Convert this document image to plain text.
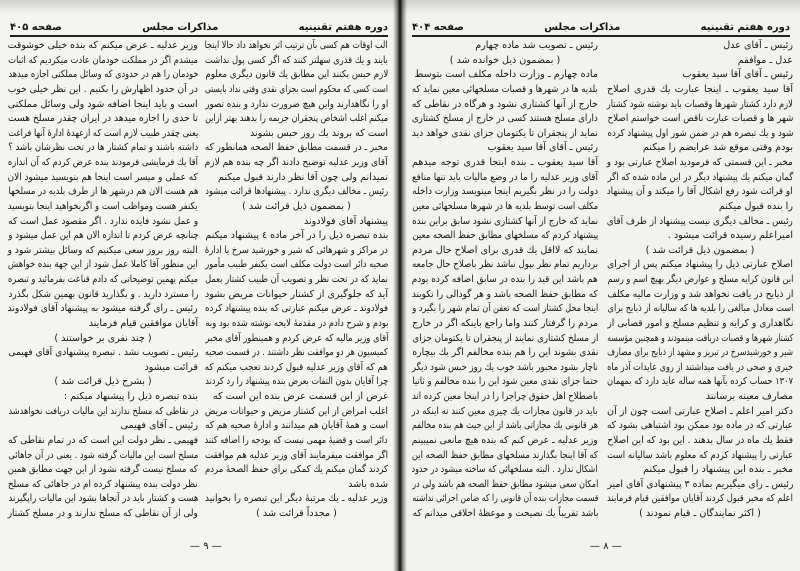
دوره هفتم تقنینیه
مذاکرات مجلس
صفحه ۴۰۵	دوره هفتم تقنینیه
مذاکرات مجلس
صفحه ۴۰۴
الب اوقات هم کسی بآن ترتیب اثر نخواهد داد حالا اینجا
بایند و یك قدری سهلتر کنند که اگر کسی پول نداشت
لازم حبس بکنند این مطابق یك قانون دیگری معلوم
است کسی که محکوم است بجزای نقدی وقتی نداد بایستی
او را نگاهدارند واین هیچ ضرورت ندارد و بنده تصور
میکنم اغلب اشخاص پنجقران جریمه را بدهند بهتر ازاین
است که بروند یك روز حبس بشوند
مخبر ـ در قسمت مطابق حفظ الصحه همانطور که
آقای وزیر عدلیه توضیح دادند اگر چه بنده هم لازم
نمیدانم ولی چون آقا نظر دارند قبول میکنم
رئیس ـ مخالف دیگری ندارد . پیشنهادها قرائت میشود
( بمضمون ذیل قرائت شد )
پیشنهاد آقای فولادوند
بنده تبصره ذیل را در آخر ماده ٤ پیشنهاد میکنم
در مراکز و شهرهائی که شیر و خورشید سرخ یا ادارهٔ
صحیه دائر است دولت مکلف است یکنفر طبیب مأمور
نماید که در تحت نظر و تصویب آن طبیب کشتار بعمل
آید که جلوگیری از کشتار حیوانات مریض بشود
فولادوند ـ عرض میکنم عبارتی که بنده پیشنهاد کرده
بودم و شرح دادم در مقدمهٔ لایحه نوشته شده بود وبه
آقای وزیر مالیه که عرض کردم و همینطور آقای مخبر
کمیسیون هر دو موافقت نظر داشتند . در قسمت صحیه
هم که آقای وزیر عدلیه قبول کردند تعجب میکنم که
چرا آقایان بدون التفات بعرض بنده پیشنهاد را رد کردند
غرض از این قسمت عرض بنده این است که
اغلب امراض از این کشتار مریض و حیوانات مریض
است و همهٔ آقایان هم میدانند و ادارهٔ صحیه هم که
دائر است و قضیهٔ مهمی نیست که بودجه را اضافه کنند
اگر موافقت میفرمایند آقای وزیر عدلیه هم موافقت
کردند گمان میکنم یك کمکی برای حفظ الصحهٔ مردم
شده باشد
وزیر عدلیه ـ یك مرتبهٔ دیگر این تبصره را بخوانید
( مجدداً قرائت شد )
وزیر عدلیه ـ عرض میکنم که بنده خیلی خوشوقت
میشدم اگر در مملکت خودمان عادت میکردیم که اثبات
خودمان را هم در حدودی که وسائل مملکتی اجازه میدهد
در آن حدود اظهارش را بکنیم . این نظر خیلی خوب
است و باید اینجا اضافه شود ولی وسائل مملکتی
تا حدی را اجازه میدهد در ایران چقدر مسلخ هست
یعنی چقدر طبیب لازم است که ازعهدهٔ ادارهٔ آنها فراغت
داشته باشند و تمام کشتار ها در تحت نظرشان باشد ؟
آقا یك فرمایشی فرمودند بنده عرض کردم که آن اندازه
که عملی و میسر است اینجا هم بنویسید میشود الان
هم هست الان هم درشهر ها از طرف بلدیه در مسلخها
یکنفر هست ومواظب است و اگربخواهید اینجا بنویسید
و عمل نشود فایده ندارد . اگر مقصود عمل است که
چنانچه عرض کردم تا اندازه الان هم این عمل میشود و
البته روز بروز سعی میکنیم که وسائل بیشتر شود و
این منظور آقا کاملا عمل شود از این جهة بنده خواهش
میکنم بهمین توضیحاتی که دادم قناعت بفرمائید و تبصره
را مسترد دارید . و بگذارید قانون بهمین شکل بگذرد
رئیس ـ رای گرفته میشود به پیشنهاد آقای فولادوند
آقایان موافقین قیام فرمایند
( چند نفری بر خواستند )
رئیس ـ تصویب نشد . تبصره پیشنهادی آقای فهیمی
قرائت میشود
( بشرح ذیل قرائت شد )
بنده تبصره ذیل را پیشنهاد میکنم :
در نقاطی که مسلخ ندارند این مالیات دریافت نخواهدشد
رئیس ـ آقای فهیمی
فهیمی ـ نظر دولت این است که در تمام نقاطی که
مسلخ است این مالیات گرفته شود . یعنی در آن جاهائی
که مسلخ نیست گرفته نشود از این جهت مطابق همین
نظر دولت بنده پیشنهاد کرده ام در جاهائی که مسلخ
هست و کشتار باید در آنجاها بشود این مالیات راپگیرند
ولی از آن نقاطی که مسلخ ندارند و در مسلخ کشتار
رئیس ـ آقای عدل
عدل ـ موافقم
رئیس ـ آقای آقا سید یعقوب
آقا سید یعقوب ـ اینجا عبارت یك قدری اصلاح
لازم دارد کشتار شهرها وقصبات باید نوشته شود کشتار
شهر ها و قصبات عبارت ناقص است خواستم اصلاح
شود و یك تبصره هم در ضمن شور اول پیشنهاد کرده
بودم وقتی موقع شد عرایضم را میکنم
مخبر ـ این قسمتی که فرمودید اصلاح عبارتی بود و
گمان میکنم یك پیشنهاد دیگر در این ماده شده که اگر
او قرائت شود رفع اشکال آقا را میکند و آن پیشنهاد
را بنده قبول میکنم
رئیس ـ مخالف دیگری نیست پیشنهاد از طرف آقای
امیراعلم رسیده قرائت میشود .
( بمضمون ذیل قرائت شد )
اصلاح عبارتی ذیل را پیشنهاد میکنم پس از اجرای
این قانون کرایه مسلخ و عوارض دیگر بهیچ اسم و رسم
از ذبایح در یافت نخواهد شد و وزارت مالیه مکلف
است معادل مبالغی را بلدیه ها که سالیانه از ذبایح برای
نگاهداری و کرایه و تنظیم مسلخ و امور قصابی از
کشتار شهرها و قصبات دریافت مینمودند و همچنین مؤسسه
شیر و خورشیدسرخ در تبریز و مشهد از ذبایح برای مصارف
خیری و صحی در یافت میداشتند از روی عایدات آذر ماه
۱۳۰۷ حساب کرده بآنها همه ساله عاید دارد که بمهمان
مصارف معینه برسانند
دکتر امیر اعلم ـ اصلاح عبارتی است چون از آن
عبارتی که در ماده بود ممکن بود اشتباهی بشود که
فقط یك ماه در سال بدهند . این بود که این اصلاح
عبارتی را پیشنهاد کردم که معلوم باشد سالیانه است
مخبر ـ بنده این پیشنهاد را قبول میکنم
رئیس ـ رای میگیریم بماده ۳ پیشنهادی آقای امیر
اعلم که مخبر قبول کردند آقایان موافقین قیام فرمایند
( اکثر نمایندگان ـ قیام نمودند )
رئیس ـ تصویب شد ماده چهارم
( بمضمون ذیل خوانده شد )
ماده چهارم ـ وزارت داخله مکلف است بتوسط
بلدیه ها در شهرها و قصبات مسلخهائی معین نماید که
خارج از آنها کشتاری نشود و هرگاه در نقاطی که
دارای مسلخ هستند کسی در خارج از مسلخ کشتاری
نماید از پنجقران تا یکتومان جزای نقدی خواهد دید
رئیس ـ آقای آقا سید یعقوب
آقا سید یعقوب ـ بنده اینجا قدری توجه میدهم
آقای وزیر عدلیه را ما در وضع مالیات باید تنها منافع
دولت را در نظر بگیریم اینجا مینویسد وزارت داخله
مکلف است توسط بلدیه ها در شهرها مسلخهائی معین
نماید که خارج از آنها کشتاری نشود سابق براین بنده
پیشنهاد کردم که مسلخهای مطابق حفظ الصحه معین
نمایند که لااقل یك قدری برای اصلاح حال مردم
برداریم تمام نظر بپول نباشد نظر باصلاح حال جامعه
هم باشد این قید را بنده در سابق اضافه کرده بودم
که مطابق حفظ الصحه باشد و هر گودالی را نکوبند
اینجا محل کشتار است که تعفن آن تمام شهر را بگیرد و
مردم را گرفتار کنند واما راجع باینکه اگر در خارج
از مسلخ کشتاری نمایند از پنجقران تا یکتومان جزای
نقدی بشوند این را هم بنده مخالفم اگر یك بیچاره
ناچار بشود مجبور باشد خوب یك روز حبس شود دیگر
حتما جزای نقدی معین شود این را بنده مخالفم و ثانیا
باصطلاح اهل حقوق چراجزا را در اینجا معین کرده اند
باید در قانون مجازات یك چیزی معین کنند نه اینکه در
هر قانونی یك مجازاتی باشد از این حیث هم بنده مخالفم
وزیر عدلیه ـ عرض کنم که بنده هیچ مانعی نمیبینم
که آقا اینجا بگذارند مسلخهای مطابق حفظ الصحه این
اشکال ندارد . البته مسلخهائی که ساخته میشود در حدود
امکان سعی میشود مطابق حفظ الصحه هم باشد ولی در
قسمت مجازات بنده آن قانونی را که ضامن اجرائی نداشته
باشد تقریباً یك نصیحت و موعظهٔ اخلاقی میدانم که
— ۹ —	— ۸ —
